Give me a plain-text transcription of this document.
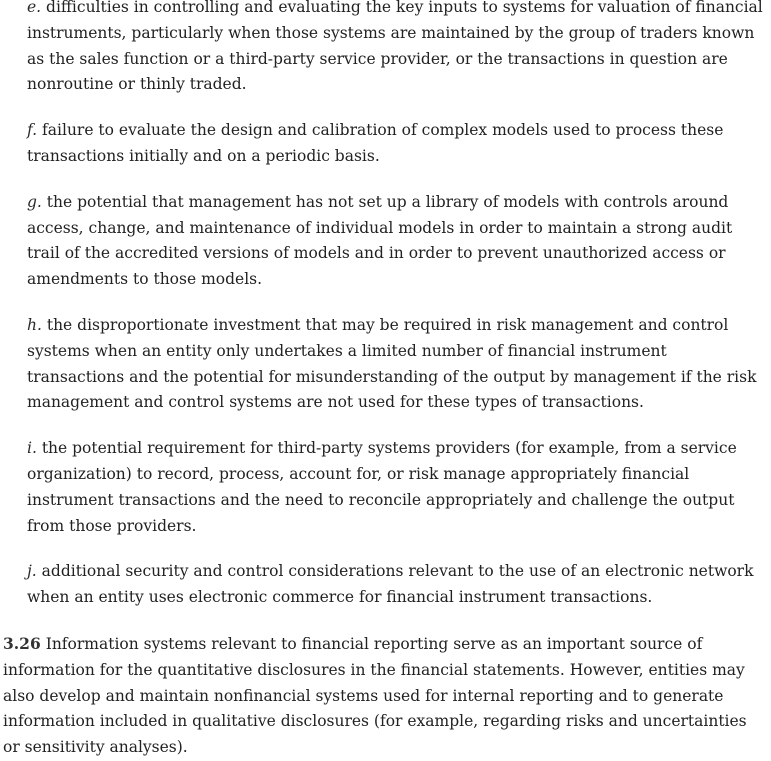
e. difficulties in controlling and evaluating the key inputs to systems for valuation of financial instruments, particularly when those systems are maintained by the group of traders known as the sales function or a third-party service provider, or the transactions in question are nonroutine or thinly traded.

f. failure to evaluate the design and calibration of complex models used to process these transactions initially and on a periodic basis.

g. the potential that management has not set up a library of models with controls around access, change, and maintenance of individual models in order to maintain a strong audit trail of the accredited versions of models and in order to prevent unauthorized access or amendments to those models.

h. the disproportionate investment that may be required in risk management and control systems when an entity only undertakes a limited number of financial instrument transactions and the potential for misunderstanding of the output by management if the risk management and control systems are not used for these types of transactions.

i. the potential requirement for third-party systems providers (for example, from a service organization) to record, process, account for, or risk manage appropriately financial instrument transactions and the need to reconcile appropriately and challenge the output from those providers.

j. additional security and control considerations relevant to the use of an electronic network when an entity uses electronic commerce for financial instrument transactions.

3.26 Information systems relevant to financial reporting serve as an important source of information for the quantitative disclosures in the financial statements. However, entities may also develop and maintain nonfinancial systems used for internal reporting and to generate information included in qualitative disclosures (for example, regarding risks and uncertainties or sensitivity analyses).
